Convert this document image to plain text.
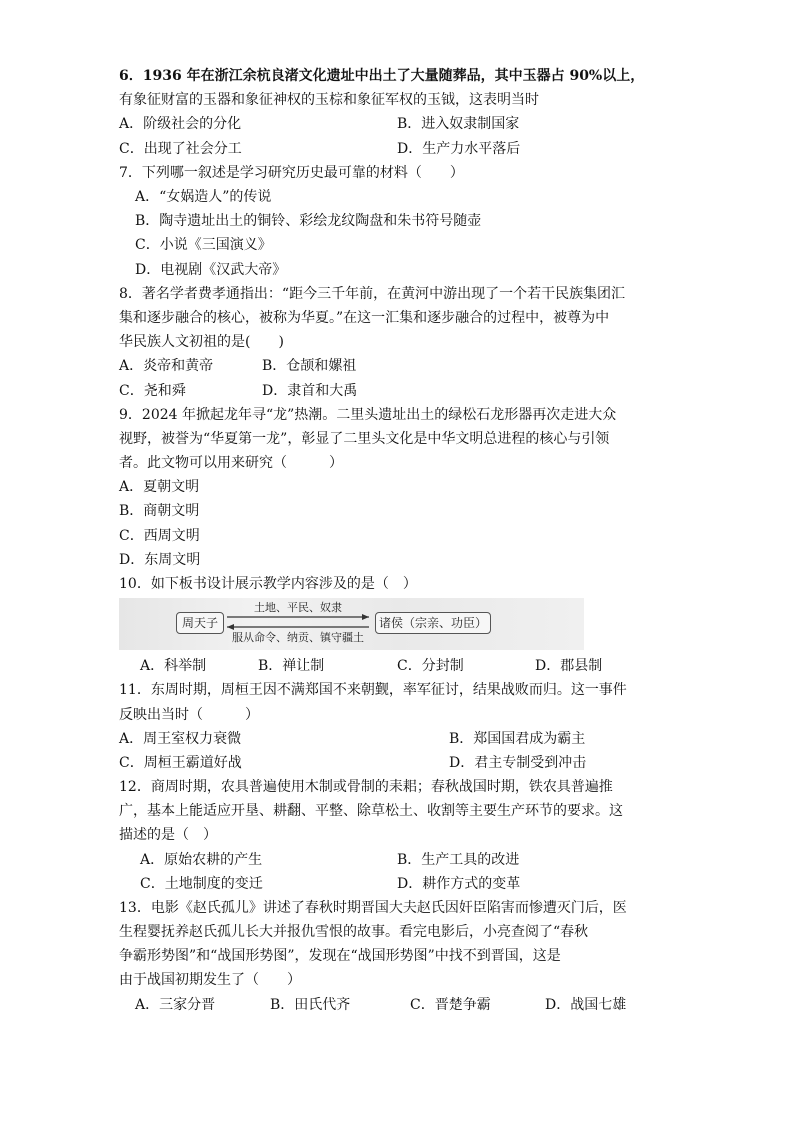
6．1936 年在浙江余杭良渚文化遗址中出土了大量随葬品，其中玉器占 90%以上，
有象征财富的玉器和象征神权的玉棕和象征军权的玉钺，这表明当时
A．阶级社会的分化	B．进入奴隶制国家
C．出现了社会分工	D．生产力水平落后
7．下列哪一叙述是学习研究历史最可靠的材料（　　）
A．“女娲造人”的传说
B．陶寺遗址出土的铜铃、彩绘龙纹陶盘和朱书符号随壶
C．小说《三国演义》
D．电视剧《汉武大帝》
8．著名学者费孝通指出：“距今三千年前，在黄河中游出现了一个若干民族集团汇
集和逐步融合的核心，被称为华夏。”在这一汇集和逐步融合的过程中，被尊为中
华民族人文初祖的是(　　)
A．炎帝和黄帝	B．仓颉和嫘祖
C．尧和舜	D．隶首和大禹
9．2024 年掀起龙年寻“龙”热潮。二里头遗址出土的绿松石龙形器再次走进大众
视野，被誉为“华夏第一龙”，彰显了二里头文化是中华文明总进程的核心与引领
者。此文物可以用来研究（　　　）
A．夏朝文明
B．商朝文明
C．西周文明
D．东周文明
10．如下板书设计展示教学内容涉及的是（　）
周天子	诸侯（宗亲、功臣）
土地、平民、奴隶
服从命令、纳贡、镇守疆土
A．科举制	B．禅让制	C．分封制	D．郡县制
11．东周时期，周桓王因不满郑国不来朝觐，率军征讨，结果战败而归。这一事件
反映出当时（　　　）
A．周王室权力衰微	B．郑国国君成为霸主
C．周桓王霸道好战	D．君主专制受到冲击
12．商周时期，农具普遍使用木制或骨制的耒耜；春秋战国时期，铁农具普遍推
广，基本上能适应开垦、耕翻、平整、除草松土、收割等主要生产环节的要求。这
描述的是（　）
A．原始农耕的产生	B．生产工具的改进
C．土地制度的变迁	D．耕作方式的变革
13．电影《赵氏孤儿》讲述了春秋时期晋国大夫赵氏因奸臣陷害而惨遭灭门后，医
生程婴抚养赵氏孤儿长大并报仇雪恨的故事。看完电影后，小亮查阅了“春秋
争霸形势图”和“战国形势图”，发现在“战国形势图”中找不到晋国，这是
由于战国初期发生了（　　）
A．三家分晋	B．田氏代齐	C．晋楚争霸	D．战国七雄
